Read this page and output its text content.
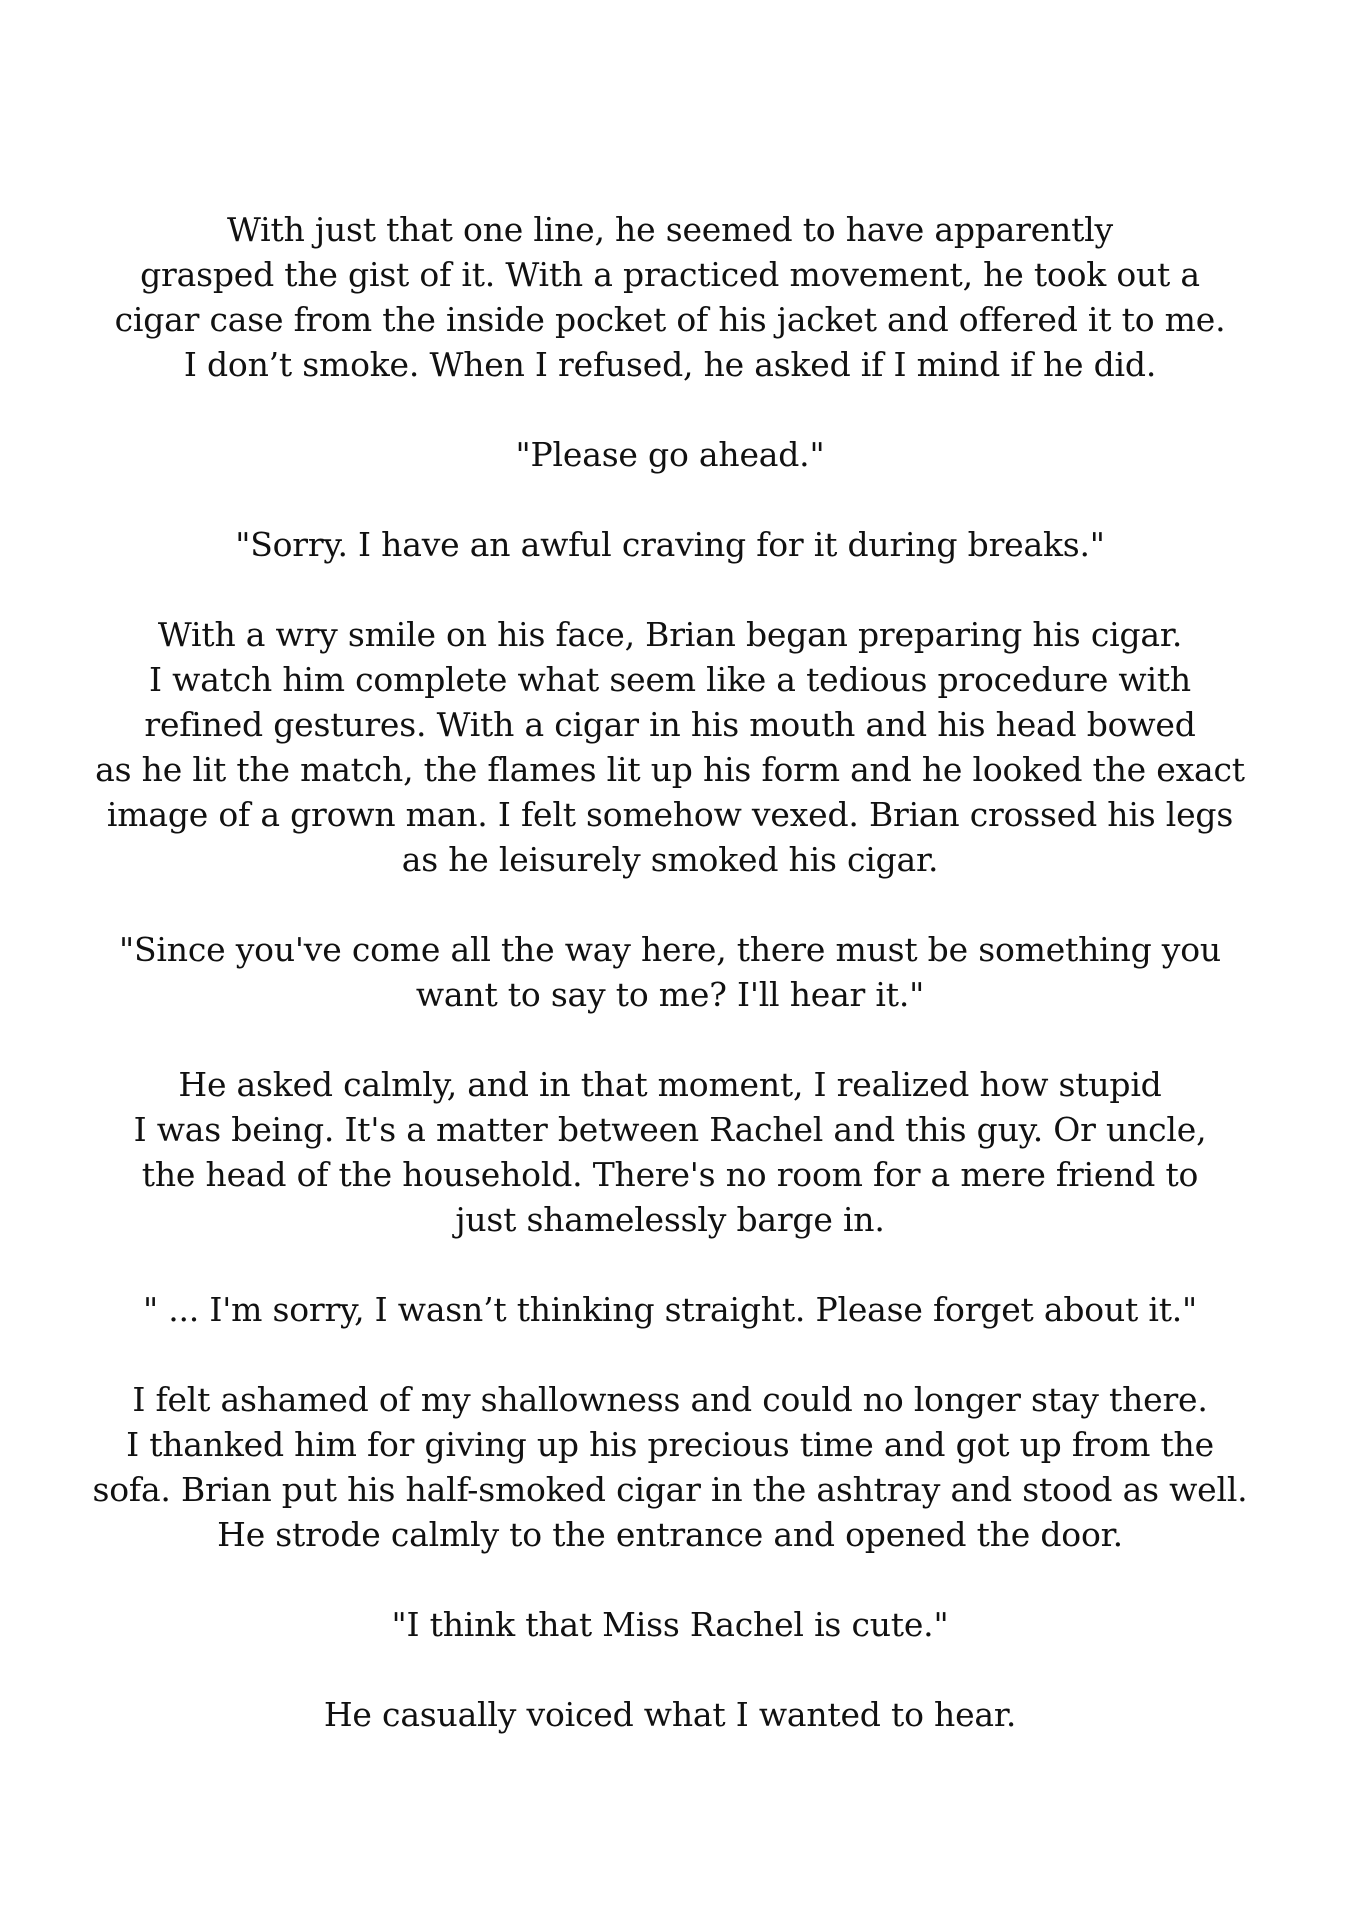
With just that one line, he seemed to have apparently
grasped the gist of it. With a practiced movement, he took out a
cigar case from the inside pocket of his jacket and offered it to me.
I don’t smoke. When I refused, he asked if I mind if he did.

"Please go ahead."

"Sorry. I have an awful craving for it during breaks."

With a wry smile on his face, Brian began preparing his cigar.
I watch him complete what seem like a tedious procedure with
refined gestures. With a cigar in his mouth and his head bowed
as he lit the match, the flames lit up his form and he looked the exact
image of a grown man. I felt somehow vexed. Brian crossed his legs
as he leisurely smoked his cigar.

"Since you've come all the way here, there must be something you
want to say to me? I'll hear it."

He asked calmly, and in that moment, I realized how stupid
I was being. It's a matter between Rachel and this guy. Or uncle,
the head of the household. There's no room for a mere friend to
just shamelessly barge in.

" ... I'm sorry, I wasn’t thinking straight. Please forget about it."

I felt ashamed of my shallowness and could no longer stay there.
I thanked him for giving up his precious time and got up from the
sofa. Brian put his half-smoked cigar in the ashtray and stood as well.
He strode calmly to the entrance and opened the door.

"I think that Miss Rachel is cute."

He casually voiced what I wanted to hear.
